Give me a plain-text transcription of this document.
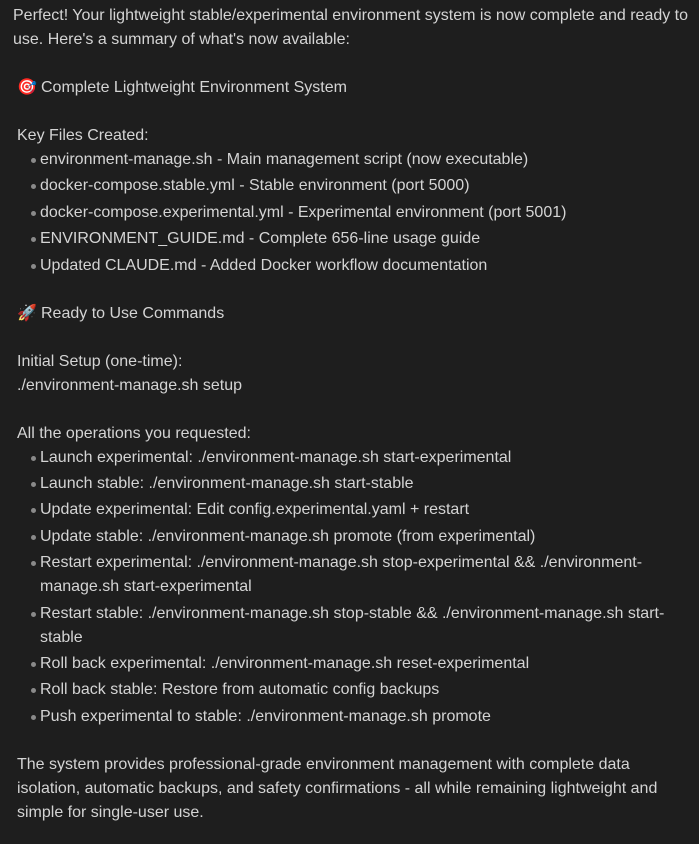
Perfect! Your lightweight stable/experimental environment system is now complete and ready to use. Here's a summary of what's now available:

🎯 Complete Lightweight Environment System

Key Files Created:

environment-manage.sh - Main management script (now executable)
docker-compose.stable.yml - Stable environment (port 5000)
docker-compose.experimental.yml - Experimental environment (port 5001)
ENVIRONMENT_GUIDE.md - Complete 656-line usage guide
Updated CLAUDE.md - Added Docker workflow documentation
🚀 Ready to Use Commands

Initial Setup (one-time):

./environment-manage.sh setup

All the operations you requested:

Launch experimental: ./environment-manage.sh start-experimental
Launch stable: ./environment-manage.sh start-stable
Update experimental: Edit config.experimental.yaml + restart
Update stable: ./environment-manage.sh promote (from experimental)
Restart experimental: ./environment-manage.sh stop-experimental && ./environment-manage.sh start-experimental
Restart stable: ./environment-manage.sh stop-stable && ./environment-manage.sh start-stable
Roll back experimental: ./environment-manage.sh reset-experimental
Roll back stable: Restore from automatic config backups
Push experimental to stable: ./environment-manage.sh promote

The system provides professional-grade environment management with complete data isolation, automatic backups, and safety confirmations - all while remaining lightweight and simple for single-user use.
